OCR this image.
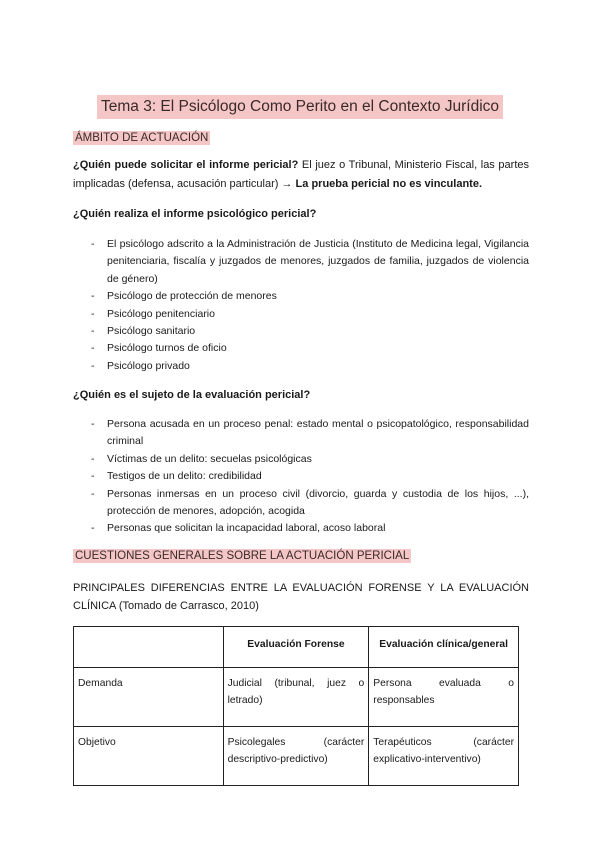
Tema 3: El Psicólogo Como Perito en el Contexto Jurídico
ÁMBITO DE ACTUACIÓN
¿Quién puede solicitar el informe pericial? El juez o Tribunal, Ministerio Fiscal, las partes implicadas (defensa, acusación particular) → La prueba pericial no es vinculante.
¿Quién realiza el informe psicológico pericial?
- El psicólogo adscrito a la Administración de Justicia (Instituto de Medicina legal, Vigilancia penitenciaria, fiscalía y juzgados de menores, juzgados de familia, juzgados de violencia de género)
- Psicólogo de protección de menores
- Psicólogo penitenciario
- Psicólogo sanitario
- Psicólogo turnos de oficio
- Psicólogo privado
¿Quién es el sujeto de la evaluación pericial?
- Persona acusada en un proceso penal: estado mental o psicopatológico, responsabilidad criminal
- Víctimas de un delito: secuelas psicológicas
- Testigos de un delito: credibilidad
- Personas inmersas en un proceso civil (divorcio, guarda y custodia de los hijos, ...), protección de menores, adopción, acogida
- Personas que solicitan la incapacidad laboral, acoso laboral
CUESTIONES GENERALES SOBRE LA ACTUACIÓN PERICIAL
PRINCIPALES DIFERENCIAS ENTRE LA EVALUACIÓN FORENSE Y LA EVALUACIÓN CLÍNICA (Tomado de Carrasco, 2010)
	Evaluación Forense	Evaluación clínica/general
Demanda	Judicial (tribunal, juez o letrado)	Persona evaluada o responsables
Objetivo	Psicolegales (carácter descriptivo-predictivo)	Terapéuticos (carácter explicativo-interventivo)
